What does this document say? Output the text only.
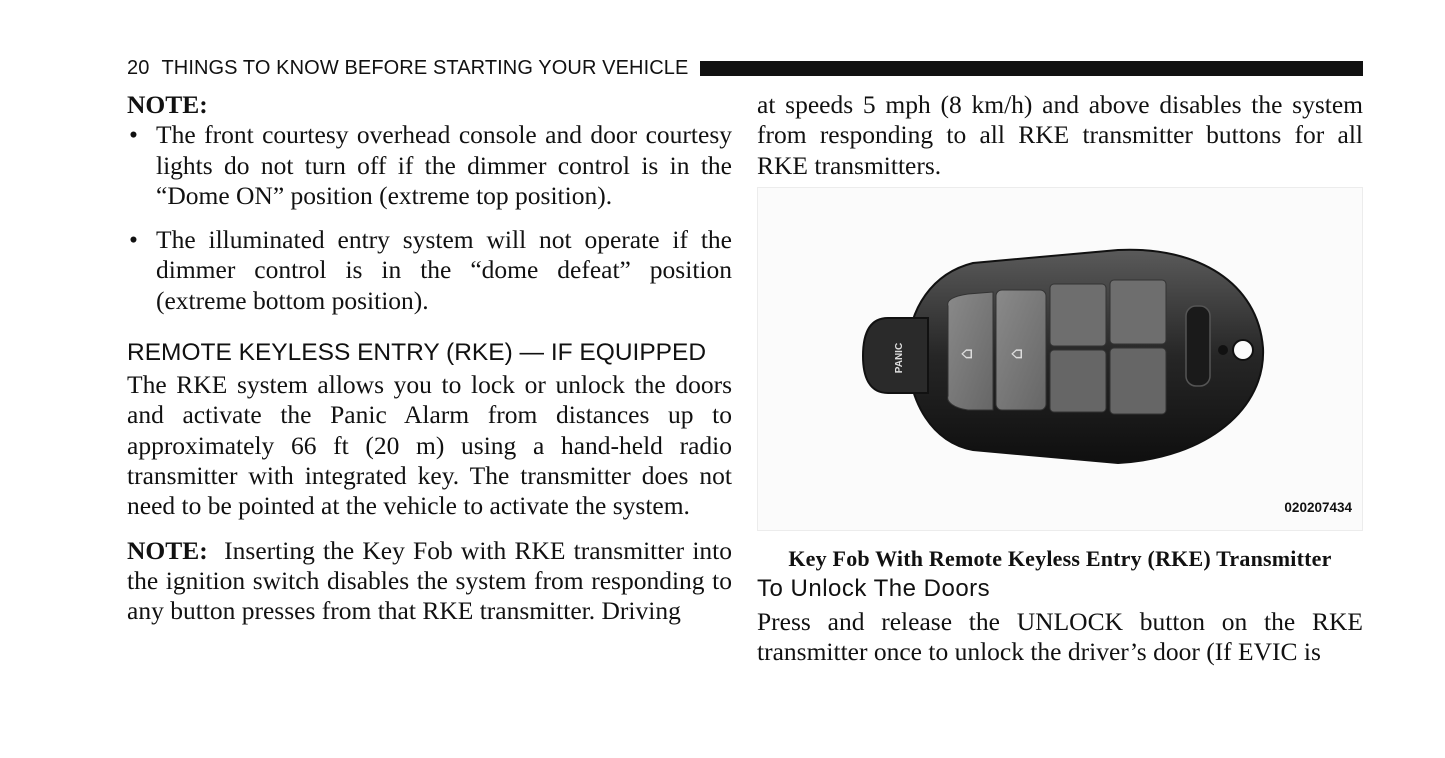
20 THINGS TO KNOW BEFORE STARTING YOUR VEHICLE
NOTE:
• The front courtesy overhead console and door courtesy lights do not turn off if the dimmer control is in the “Dome ON” position (extreme top position).
• The illuminated entry system will not operate if the dimmer control is in the “dome defeat” position (extreme bottom position).
REMOTE KEYLESS ENTRY (RKE) — IF EQUIPPED

The RKE system allows you to lock or unlock the doors and activate the Panic Alarm from distances up to approximately 66 ft (20 m) using a hand-held radio transmitter with integrated key. The transmitter does not need to be pointed at the vehicle to activate the system.

NOTE: Inserting the Key Fob with RKE transmitter into the ignition switch disables the system from responding to any button presses from that RKE transmitter. Driving

at speeds 5 mph (8 km/h) and above disables the system from responding to all RKE transmitter buttons for all RKE transmitters.

⌂ ⌂
PANIC
020207434
Key Fob With Remote Keyless Entry (RKE) Transmitter
To Unlock The Doors

Press and release the UNLOCK button on the RKE transmitter once to unlock the driver’s door (If EVIC is
